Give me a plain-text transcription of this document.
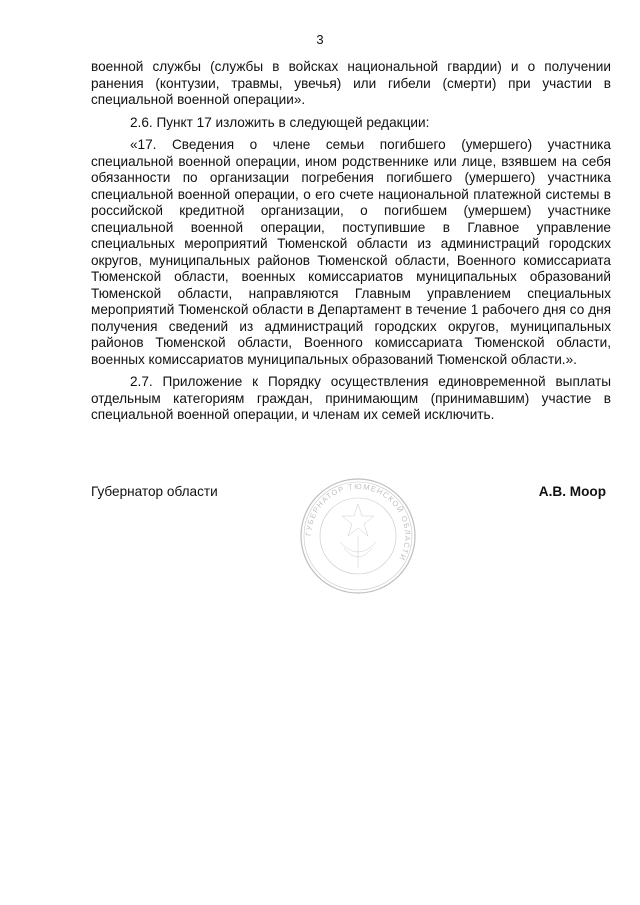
3

военной службы (службы в войсках национальной гвардии) и о получении ранения (контузии, травмы, увечья) или гибели (смерти) при участии в специальной военной операции».

2.6. Пункт 17 изложить в следующей редакции:

«17. Сведения о члене семьи погибшего (умершего) участника специальной военной операции, ином родственнике или лице, взявшем на себя обязанности по организации погребения погибшего (умершего) участника специальной военной операции, о его счете национальной платежной системы в российской кредитной организации, о погибшем (умершем) участнике специальной военной операции, поступившие в Главное управление специальных мероприятий Тюменской области из администраций городских округов, муниципальных районов Тюменской области, Военного комиссариата Тюменской области, военных комиссариатов муниципальных образований Тюменской области, направляются Главным управлением специальных мероприятий Тюменской области в Департамент в течение 1 рабочего дня со дня получения сведений из администраций городских округов, муниципальных районов Тюменской области, Военного комиссариата Тюменской области, военных комиссариатов муниципальных образований Тюменской области.».

2.7. Приложение к Порядку осуществления единовременной выплаты отдельным категориям граждан, принимающим (принимавшим) участие в специальной военной операции, и членам их семей исключить.

Губернатор области	А.В. Моор
ГУБЕРНАТОР ТЮМЕНСКОЙ ОБЛАСТИ
